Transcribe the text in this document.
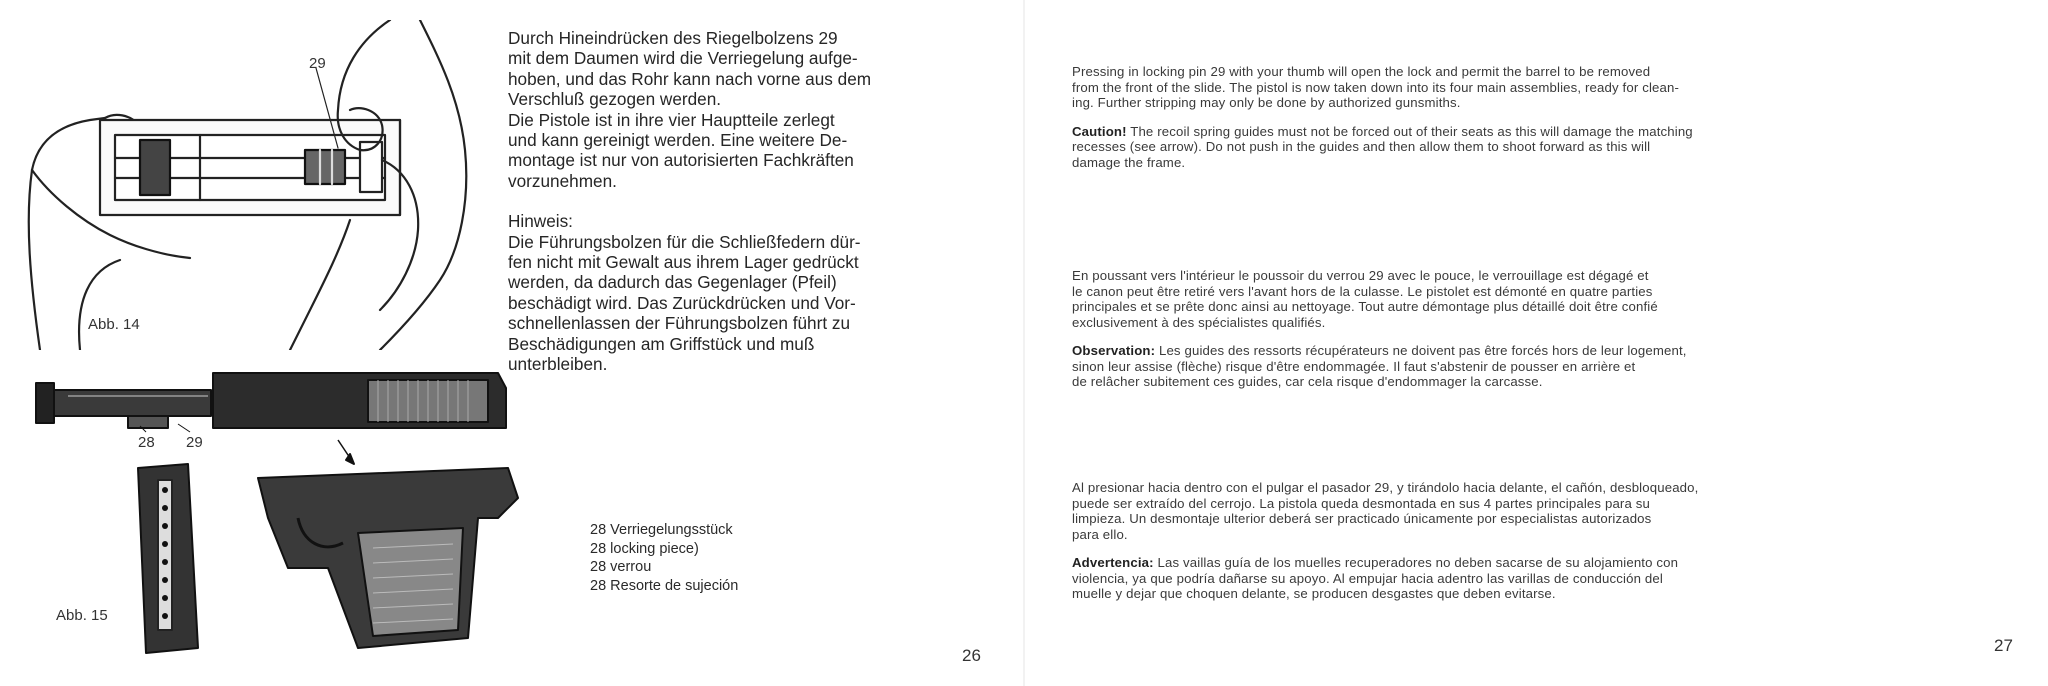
29
28 29
Abb. 14
Abb. 15

Durch Hineindrücken des Riegelbolzens 29

mit dem Daumen wird die Verriegelung aufge-

hoben, und das Rohr kann nach vorne aus dem

Verschluß gezogen werden.

Die Pistole ist in ihre vier Hauptteile zerlegt

und kann gereinigt werden. Eine weitere De-

montage ist nur von autorisierten Fachkräften

vorzunehmen.

Hinweis:

Die Führungsbolzen für die Schließfedern dür-

fen nicht mit Gewalt aus ihrem Lager gedrückt

werden, da dadurch das Gegenlager (Pfeil)

beschädigt wird. Das Zurückdrücken und Vor-

schnellenlassen der Führungsbolzen führt zu

Beschädigungen am Griffstück und muß

unterbleiben.

28 Verriegelungsstück
28 locking piece)
28 verrou
28 Resorte de sujeción
26

Pressing in locking pin 29 with your thumb will open the lock and permit the barrel to be removed
from the front of the slide. The pistol is now taken down into its four main assemblies, ready for clean-
ing. Further stripping may only be done by authorized gunsmiths.

Caution! The recoil spring guides must not be forced out of their seats as this will damage the matching
recesses (see arrow). Do not push in the guides and then allow them to shoot forward as this will
damage the frame.

En poussant vers l'intérieur le poussoir du verrou 29 avec le pouce, le verrouillage est dégagé et
le canon peut être retiré vers l'avant hors de la culasse. Le pistolet est démonté en quatre parties
principales et se prête donc ainsi au nettoyage. Tout autre démontage plus détaillé doit être confié
exclusivement à des spécialistes qualifiés.

Observation: Les guides des ressorts récupérateurs ne doivent pas être forcés hors de leur logement,
sinon leur assise (flèche) risque d'être endommagée. Il faut s'abstenir de pousser en arrière et
de relâcher subitement ces guides, car cela risque d'endommager la carcasse.

Al presionar hacia dentro con el pulgar el pasador 29, y tirándolo hacia delante, el cañón, desbloqueado,
puede ser extraído del cerrojo. La pistola queda desmontada en sus 4 partes principales para su
limpieza. Un desmontaje ulterior deberá ser practicado únicamente por especialistas autorizados
para ello.

Advertencia: Las vaillas guía de los muelles recuperadores no deben sacarse de su alojamiento con
violencia, ya que podría dañarse su apoyo. Al empujar hacia adentro las varillas de conducción del
muelle y dejar que choquen delante, se producen desgastes que deben evitarse.

27
